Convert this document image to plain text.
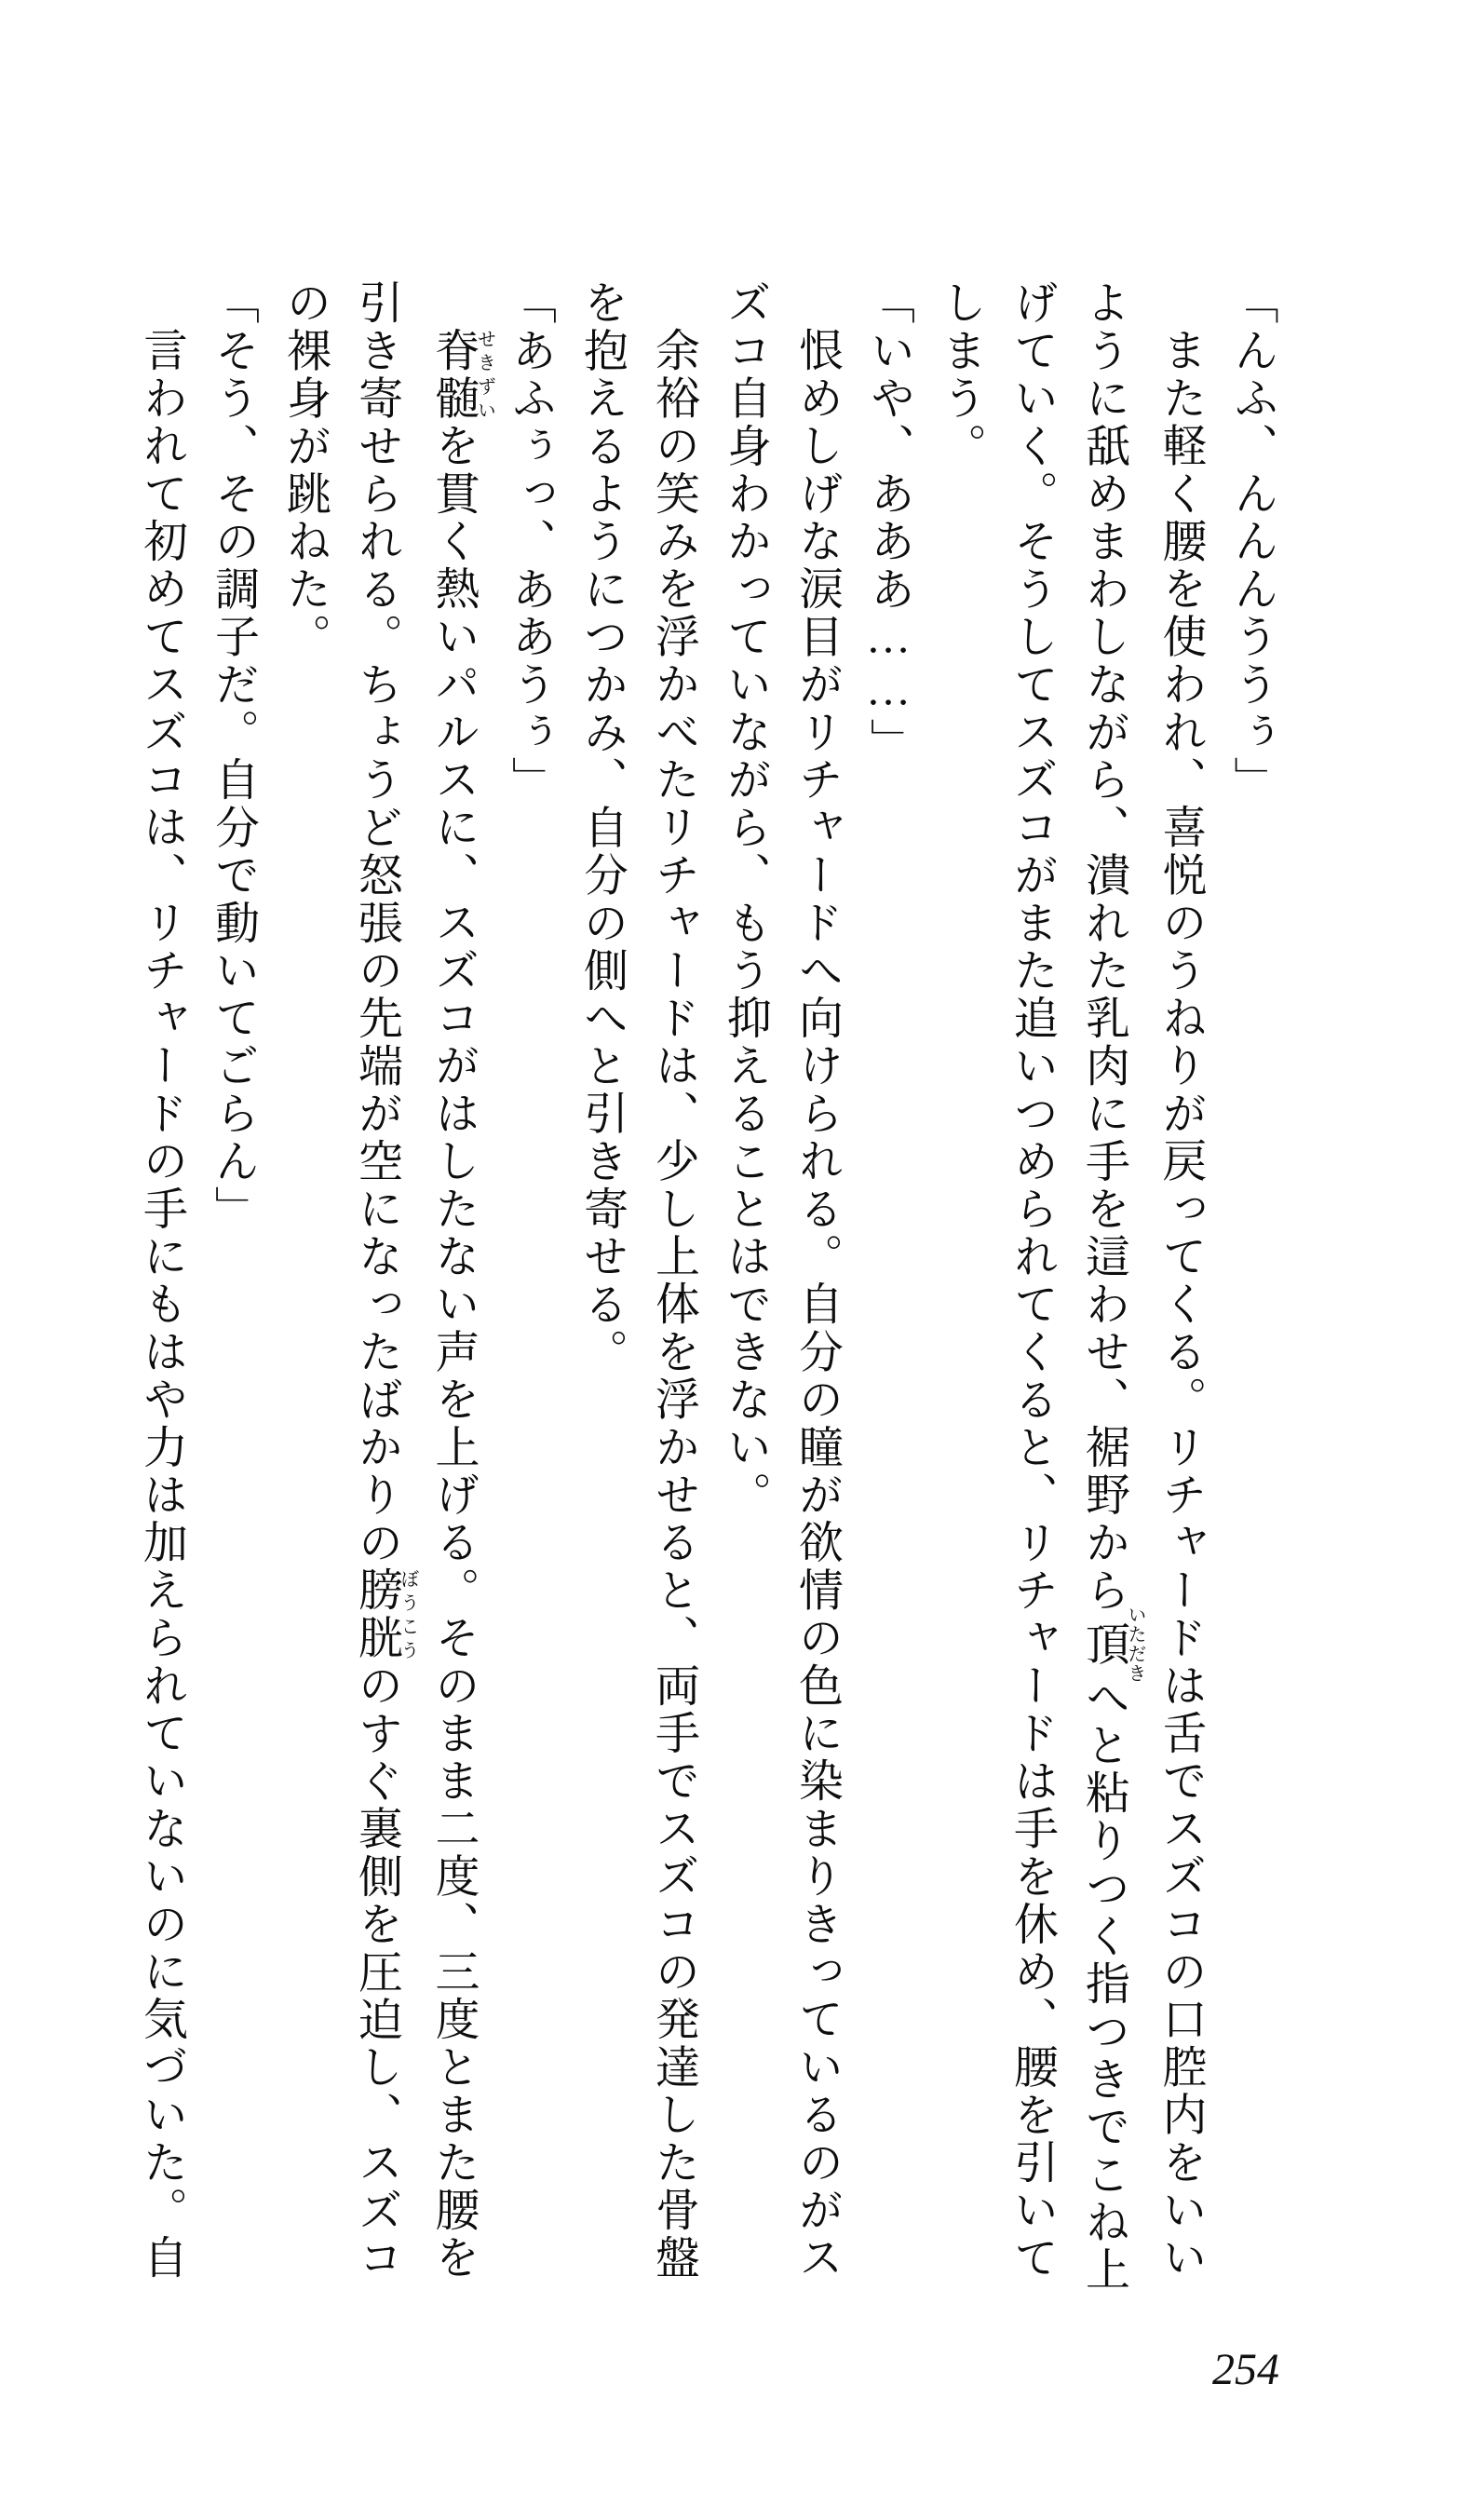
「んふ、んんんううぅ」

また軽く腰を使われ、喜悦のうねりが戻ってくる。リチャードは舌でスズコの口腔内をいい

ように舐めまわしながら、潰れた乳肉に手を這わせ、裾野から頂いただきへと粘りつく指つきでこね上

げていく。そうしてスズコがまた追いつめられてくると、リチャードは手を休め、腰を引いて

しまう。

「いや、あああ……」

恨めしげな涙目がリチャードへ向けられる。自分の瞳が欲情の色に染まりきっているのがス

ズコ自身わかっていながら、もう抑えることはできない。

余裕の笑みを浮かべたリチャードは、少し上体を浮かせると、両手でスズコの発達した骨盤

を抱えるようにつかみ、自分の側へと引き寄せる。

「あふぅっ、ああうぅ」

脊髄せきずいを貫く熱いパルスに、スズコがはしたない声を上げる。そのまま二度、三度とまた腰を

引き寄せられる。ちょうど怒張の先端が空になったばかりの膀胱ぼうこうのすぐ裏側を圧迫し、スズコ

の裸身が跳ねた。

「そう、その調子だ。自分で動いてごらん」

言われて初めてスズコは、リチャードの手にもはや力は加えられていないのに気づいた。自

254
